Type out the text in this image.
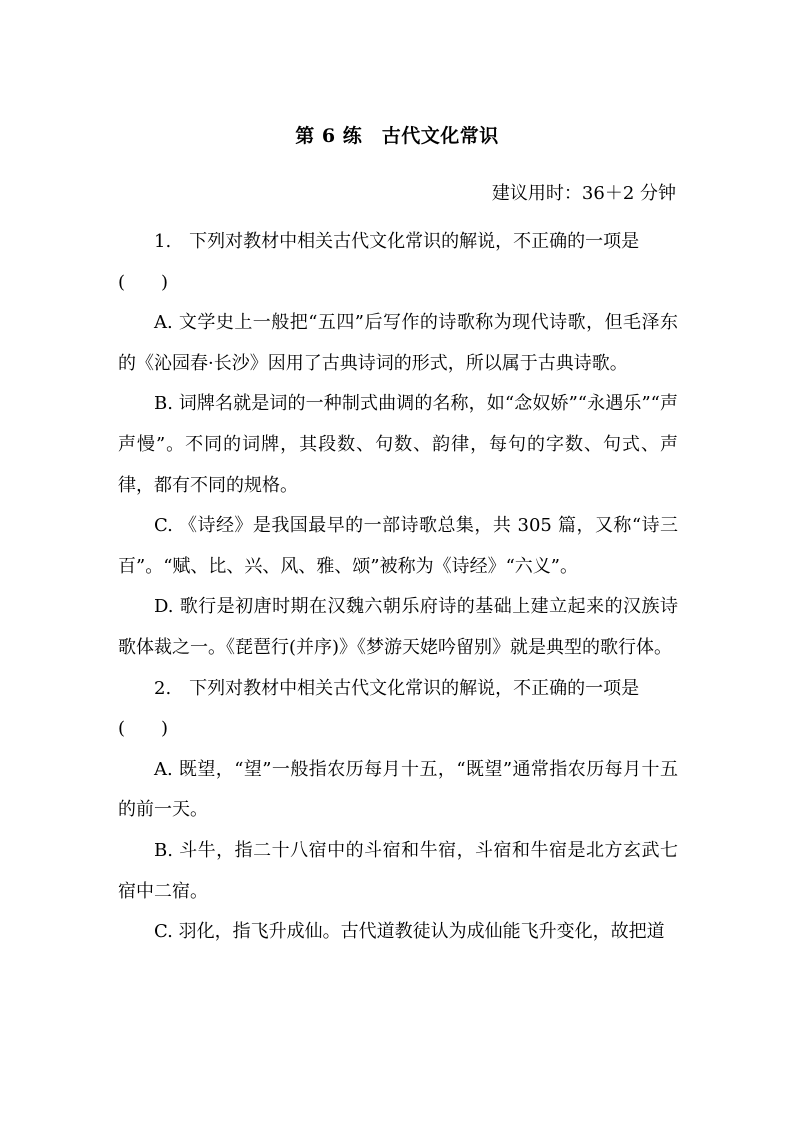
第 6 练　古代文化常识
建议用时：36＋2 分钟

1.　下列对教材中相关古代文化常识的解说，不正确的一项是

(　　)

A. 文学史上一般把“五四”后写作的诗歌称为现代诗歌，但毛泽东的《沁园春·长沙》因用了古典诗词的形式，所以属于古典诗歌。

B. 词牌名就是词的一种制式曲调的名称，如“念奴娇”“永遇乐”“声声慢”。不同的词牌，其段数、句数、韵律，每句的字数、句式、声律，都有不同的规格。

C. 《诗经》是我国最早的一部诗歌总集，共 305 篇，又称“诗三百”。“赋、比、兴、风、雅、颂”被称为《诗经》“六义”。

D. 歌行是初唐时期在汉魏六朝乐府诗的基础上建立起来的汉族诗歌体裁之一。《琵琶行(并序)》《梦游天姥吟留别》就是典型的歌行体。

2.　下列对教材中相关古代文化常识的解说，不正确的一项是

(　　)

A. 既望，“望”一般指农历每月十五，“既望”通常指农历每月十五的前一天。

B. 斗牛，指二十八宿中的斗宿和牛宿，斗宿和牛宿是北方玄武七宿中二宿。

C. 羽化，指飞升成仙。古代道教徒认为成仙能飞升变化，故把道
